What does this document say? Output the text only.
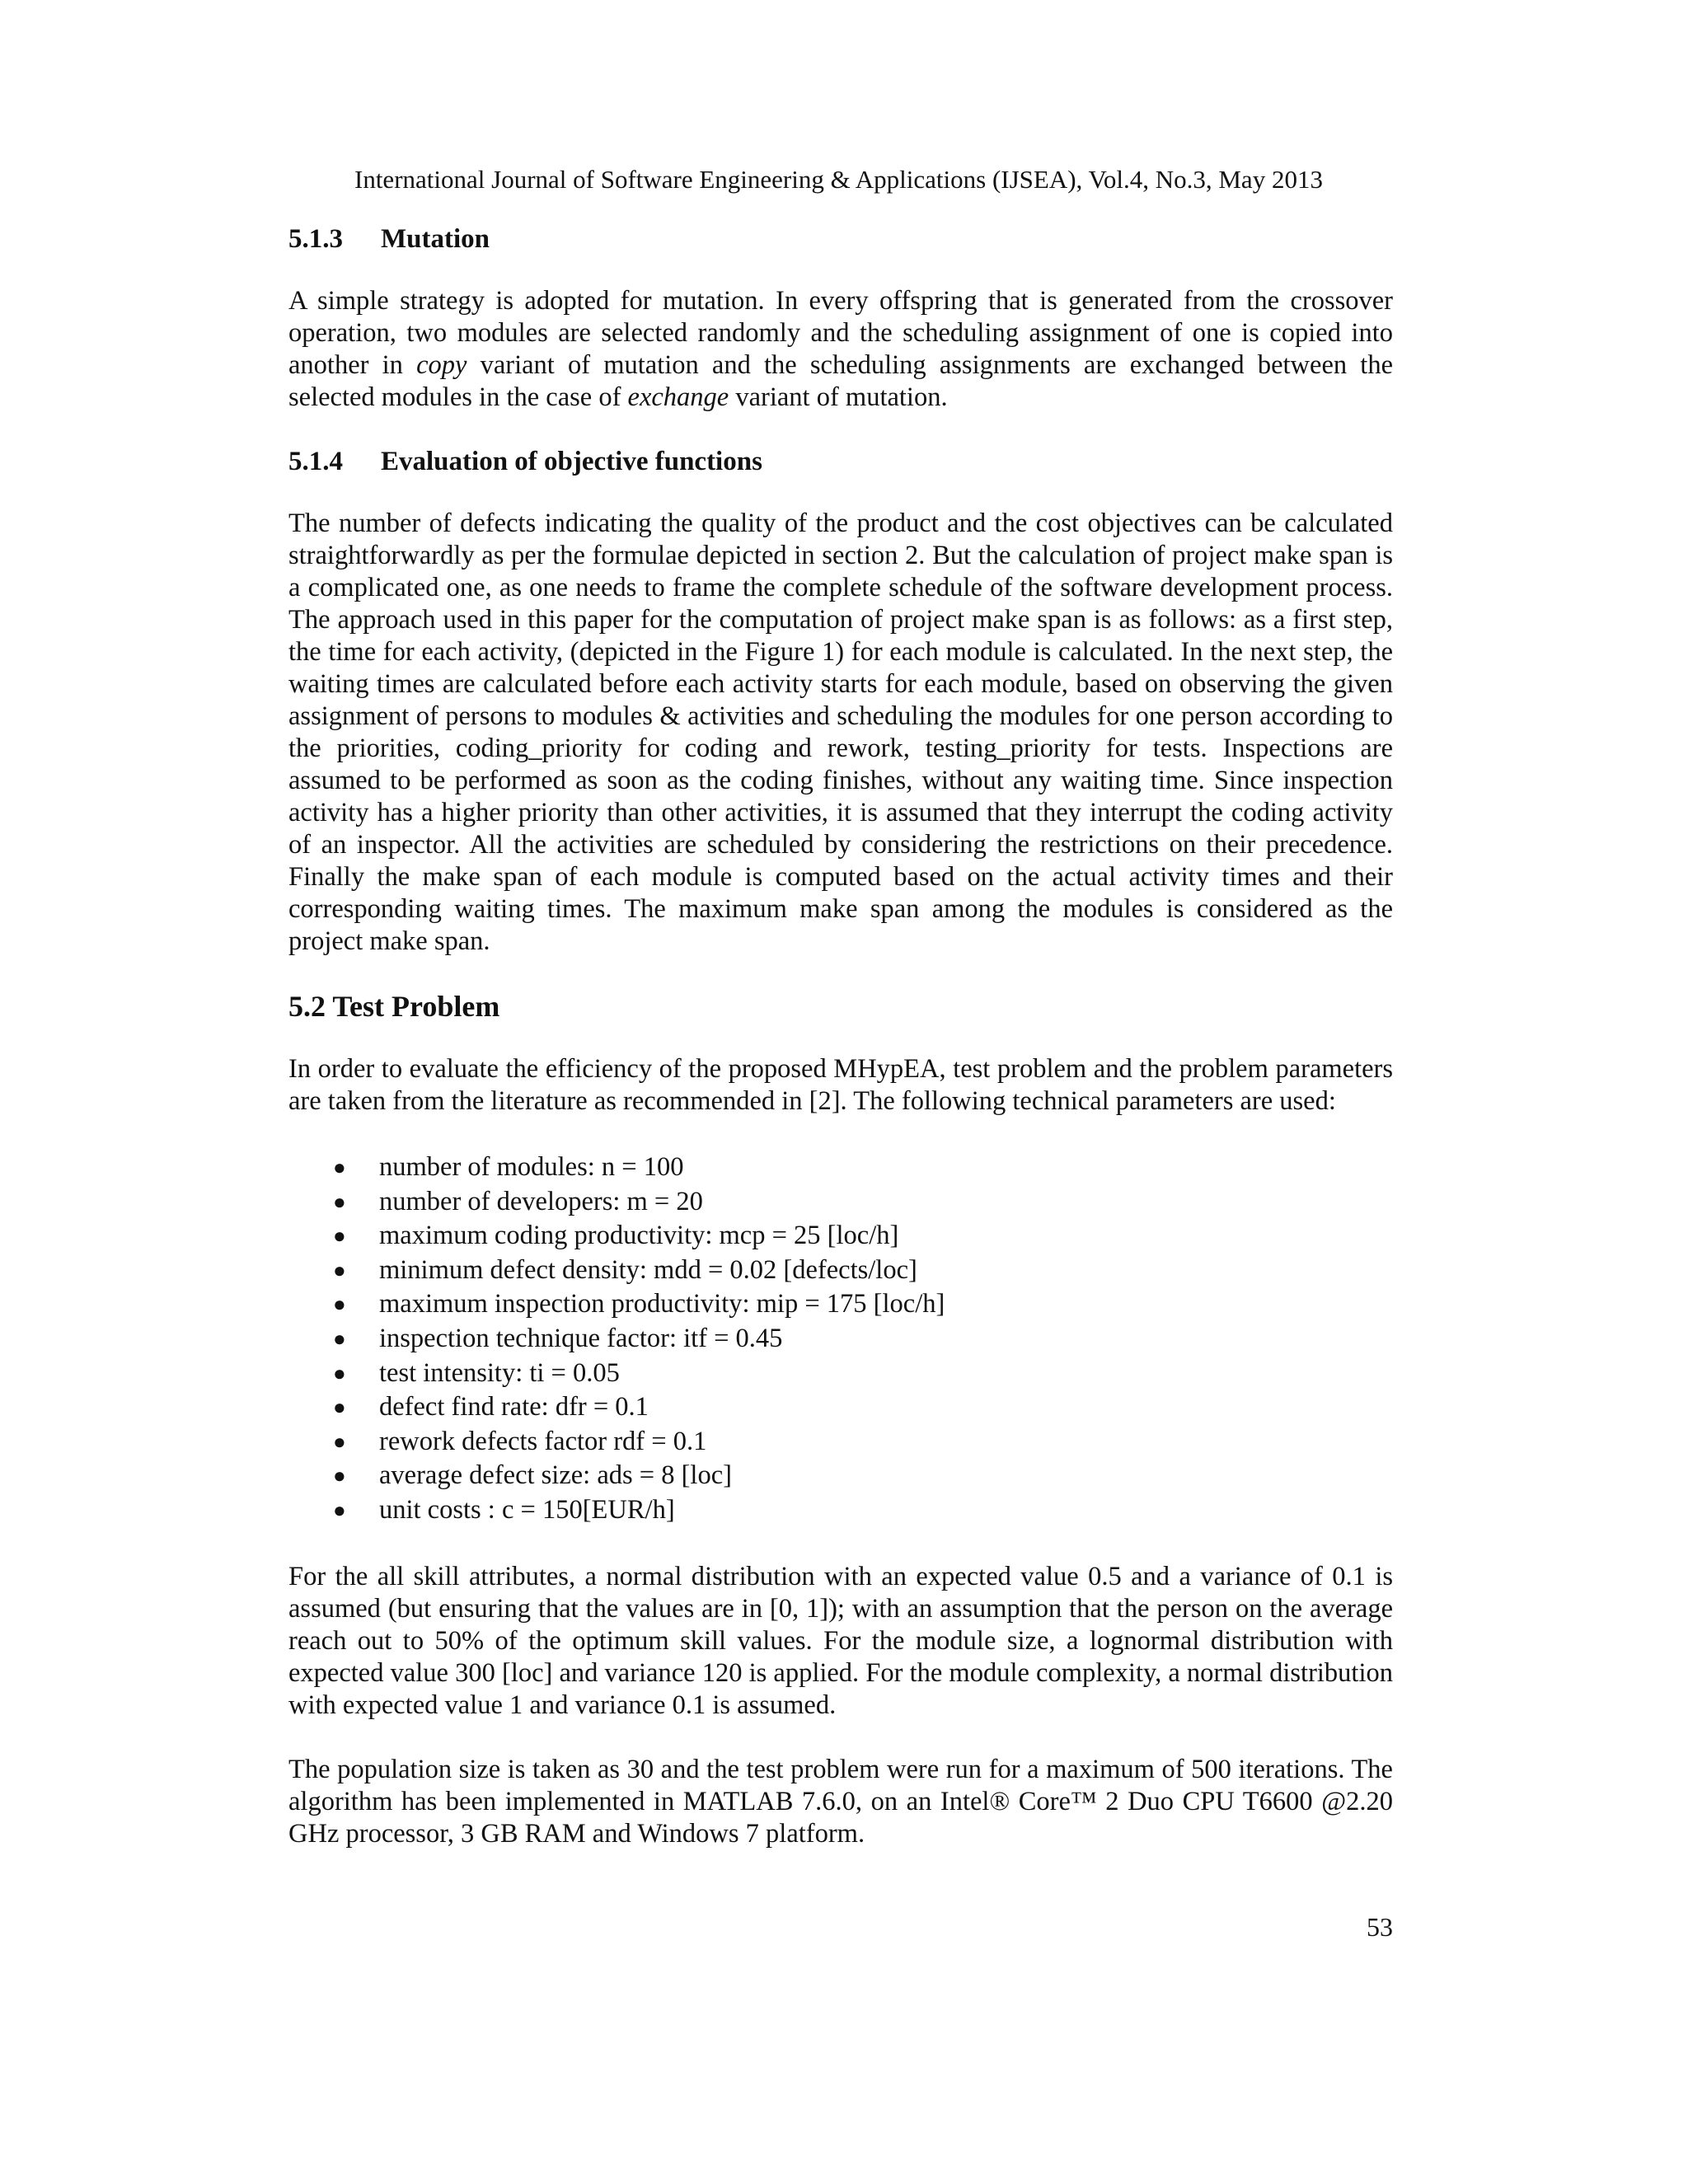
International Journal of Software Engineering & Applications (IJSEA), Vol.4, No.3, May 2013
5.1.3 Mutation

A simple strategy is adopted for mutation. In every offspring that is generated from the crossover operation, two modules are selected randomly and the scheduling assignment of one is copied into another in copy variant of mutation and the scheduling assignments are exchanged between the selected modules in the case of exchange variant of mutation.

5.1.4 Evaluation of objective functions

The number of defects indicating the quality of the product and the cost objectives can be calculated straightforwardly as per the formulae depicted in section 2. But the calculation of project make span is a complicated one, as one needs to frame the complete schedule of the software development process. The approach used in this paper for the computation of project make span is as follows: as a first step, the time for each activity, (depicted in the Figure 1) for each module is calculated. In the next step, the waiting times are calculated before each activity starts for each module, based on observing the given assignment of persons to modules & activities and scheduling the modules for one person according to the priorities, coding_priority for coding and rework, testing_priority for tests. Inspections are assumed to be performed as soon as the coding finishes, without any waiting time. Since inspection activity has a higher priority than other activities, it is assumed that they interrupt the coding activity of an inspector. All the activities are scheduled by considering the restrictions on their precedence. Finally the make span of each module is computed based on the actual activity times and their corresponding waiting times. The maximum make span among the modules is considered as the project make span.

5.2 Test Problem

In order to evaluate the efficiency of the proposed MHypEA, test problem and the problem parameters are taken from the literature as recommended in [2]. The following technical parameters are used:

● number of modules: n = 100
● number of developers: m = 20
● maximum coding productivity: mcp = 25 [loc/h]
● minimum defect density: mdd = 0.02 [defects/loc]
● maximum inspection productivity: mip = 175 [loc/h]
● inspection technique factor: itf = 0.45
● test intensity: ti = 0.05
● defect find rate: dfr = 0.1
● rework defects factor rdf = 0.1
● average defect size: ads = 8 [loc]
● unit costs : c = 150[EUR/h]

For the all skill attributes, a normal distribution with an expected value 0.5 and a variance of 0.1 is assumed (but ensuring that the values are in [0, 1]); with an assumption that the person on the average reach out to 50% of the optimum skill values. For the module size, a lognormal distribution with expected value 300 [loc] and variance 120 is applied. For the module complexity, a normal distribution with expected value 1 and variance 0.1 is assumed.

The population size is taken as 30 and the test problem were run for a maximum of 500 iterations. The algorithm has been implemented in MATLAB 7.6.0, on an Intel® Core™ 2 Duo CPU T6600 @2.20 GHz processor, 3 GB RAM and Windows 7 platform.

53
